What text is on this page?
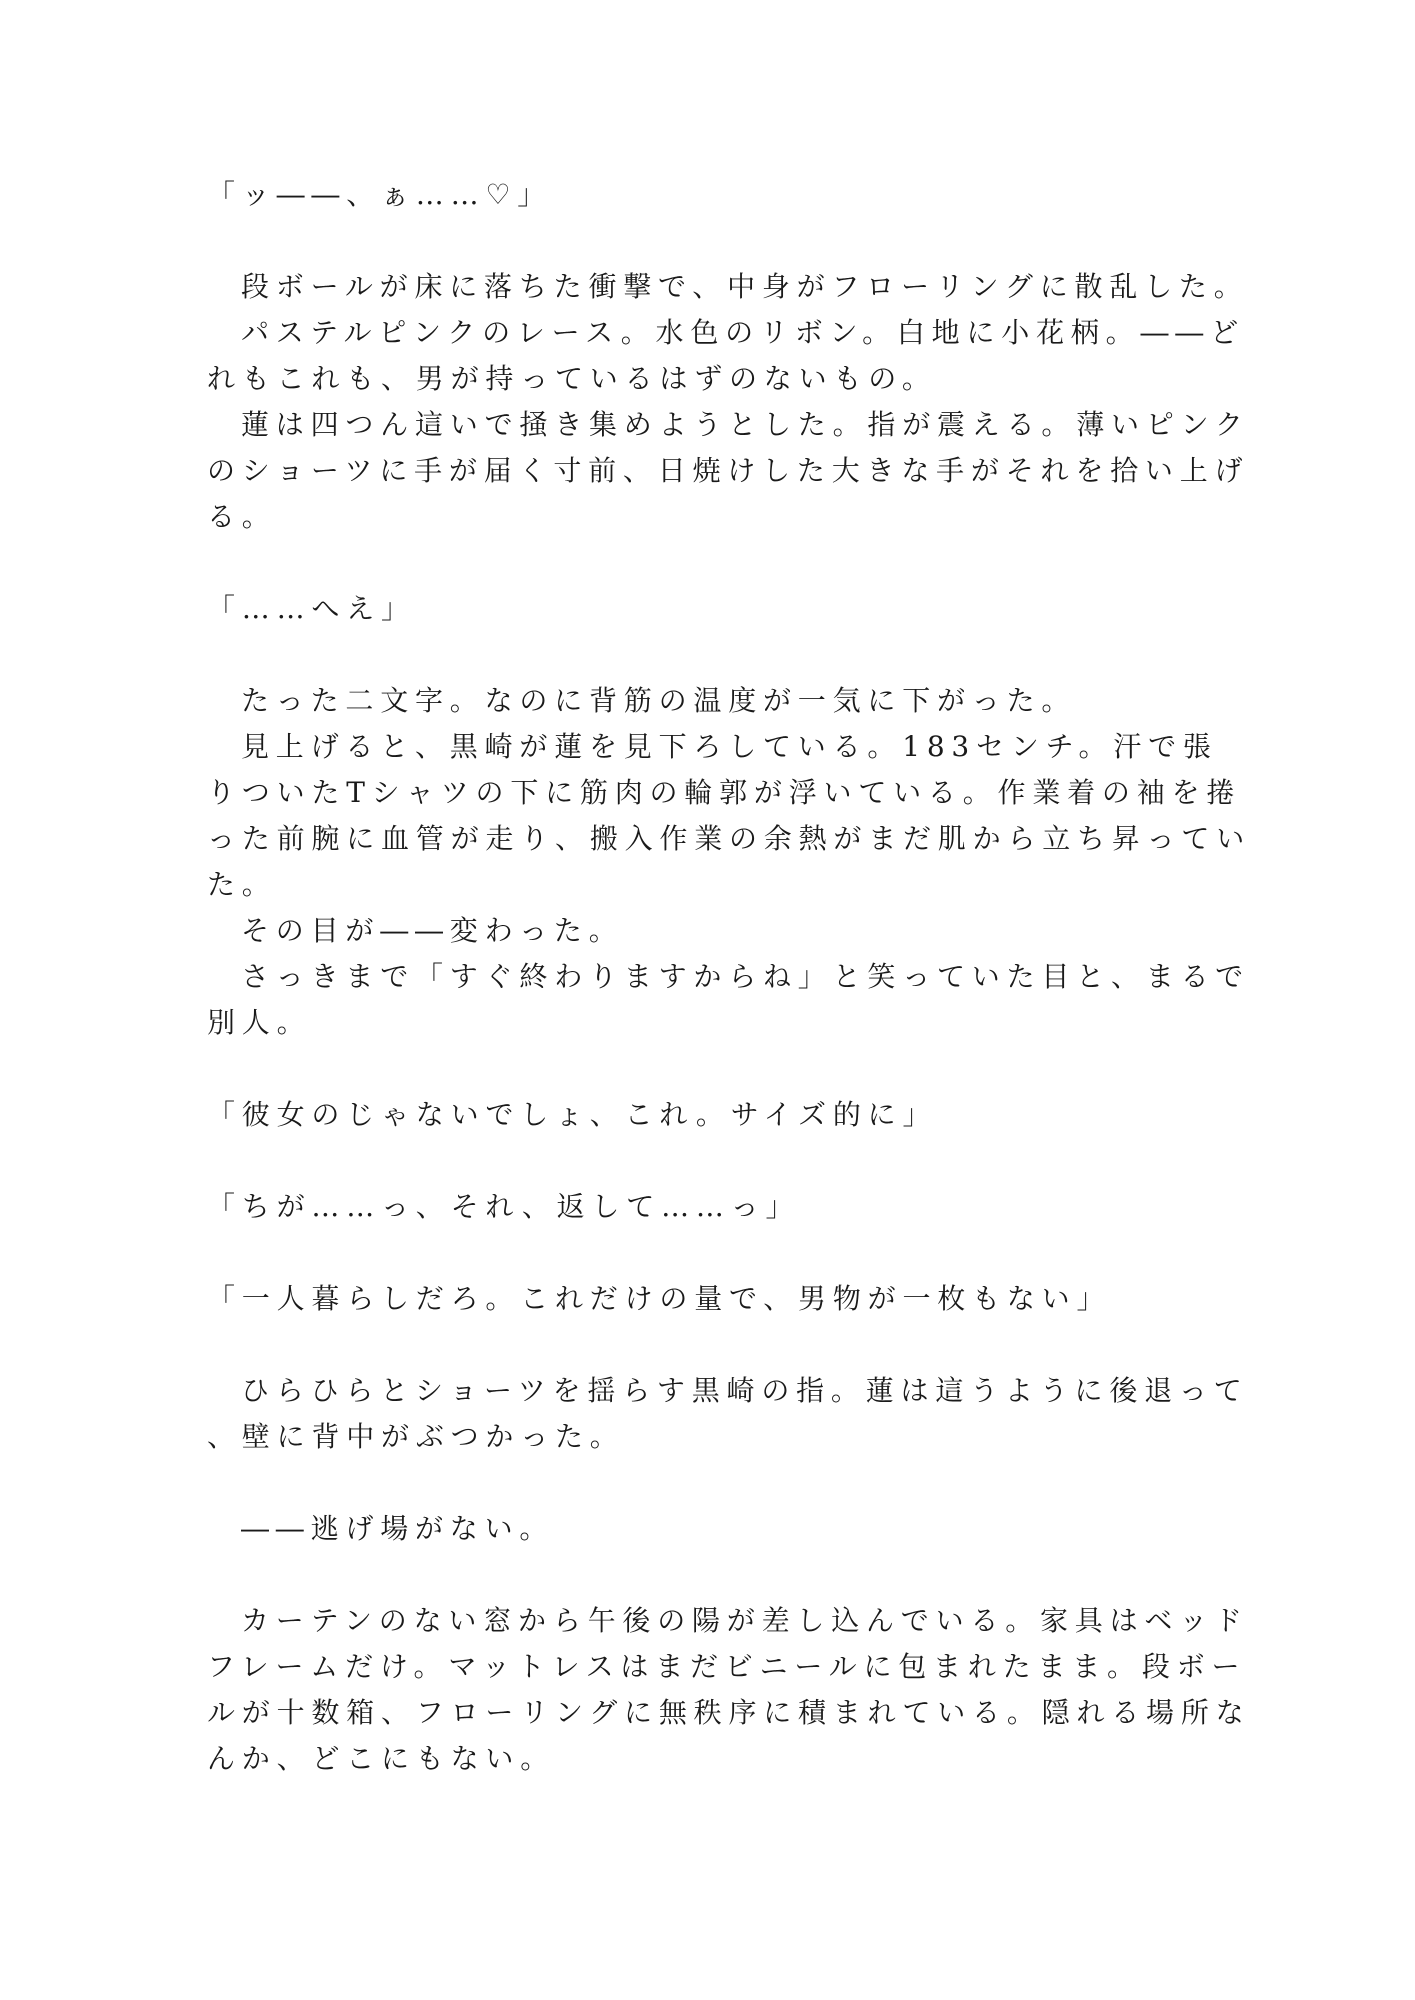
「ッ――、ぁ……♡」
段ボールが床に落ちた衝撃で、中身がフローリングに散乱した。
パステルピンクのレース。水色のリボン。白地に小花柄。――ど
れもこれも、男が持っているはずのないもの。
蓮は四つん這いで掻き集めようとした。指が震える。薄いピンク
のショーツに手が届く寸前、日焼けした大きな手がそれを拾い上げ
る。
「……へえ」
たった二文字。なのに背筋の温度が一気に下がった。
見上げると、黒崎が蓮を見下ろしている。183センチ。汗で張
りついたTシャツの下に筋肉の輪郭が浮いている。作業着の袖を捲
った前腕に血管が走り、搬入作業の余熱がまだ肌から立ち昇ってい
た。
その目が――変わった。
さっきまで「すぐ終わりますからね」と笑っていた目と、まるで
別人。
「彼女のじゃないでしょ、これ。サイズ的に」
「ちが……っ、それ、返して……っ」
「一人暮らしだろ。これだけの量で、男物が一枚もない」
ひらひらとショーツを揺らす黒崎の指。蓮は這うように後退って
、壁に背中がぶつかった。
――逃げ場がない。
カーテンのない窓から午後の陽が差し込んでいる。家具はベッド
フレームだけ。マットレスはまだビニールに包まれたまま。段ボー
ルが十数箱、フローリングに無秩序に積まれている。隠れる場所な
んか、どこにもない。
